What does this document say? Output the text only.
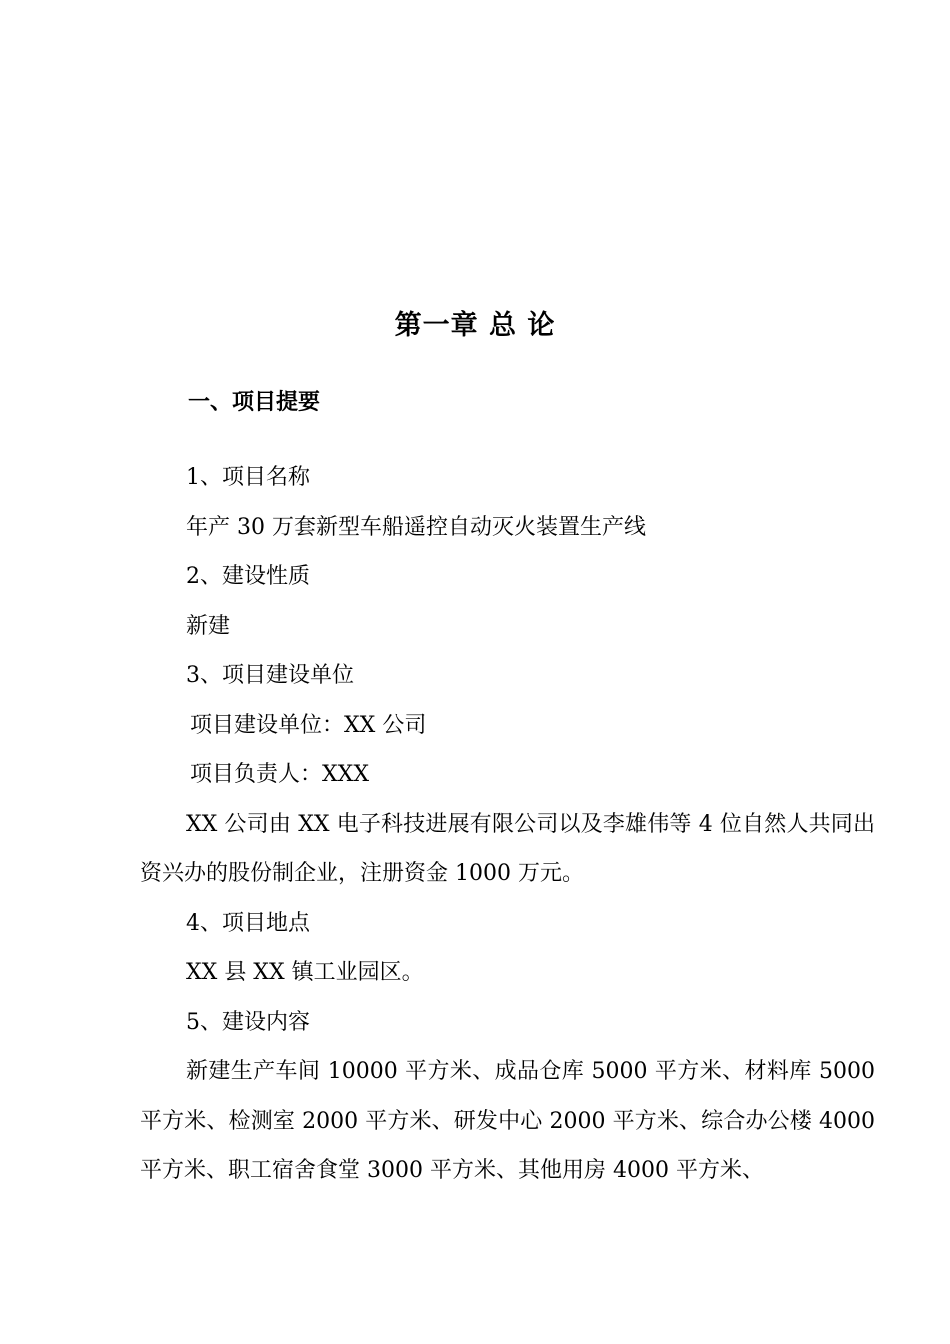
第一章 总 论
一、项目提要

1、项目名称

年产 30 万套新型车船遥控自动灭火装置生产线

2、建设性质

新建

3、项目建设单位

项目建设单位：XX 公司

项目负责人：XXX

XX 公司由 XX 电子科技进展有限公司以及李雄伟等 4 位自然人共同出资兴办的股份制企业，注册资金 1000 万元。

4、项目地点

XX 县 XX 镇工业园区。

5、建设内容

新建生产车间 10000 平方米、成品仓库 5000 平方米、材料库 5000 平方米、检测室 2000 平方米、研发中心 2000 平方米、综合办公楼 4000 平方米、职工宿舍食堂 3000 平方米、其他用房 4000 平方米、
